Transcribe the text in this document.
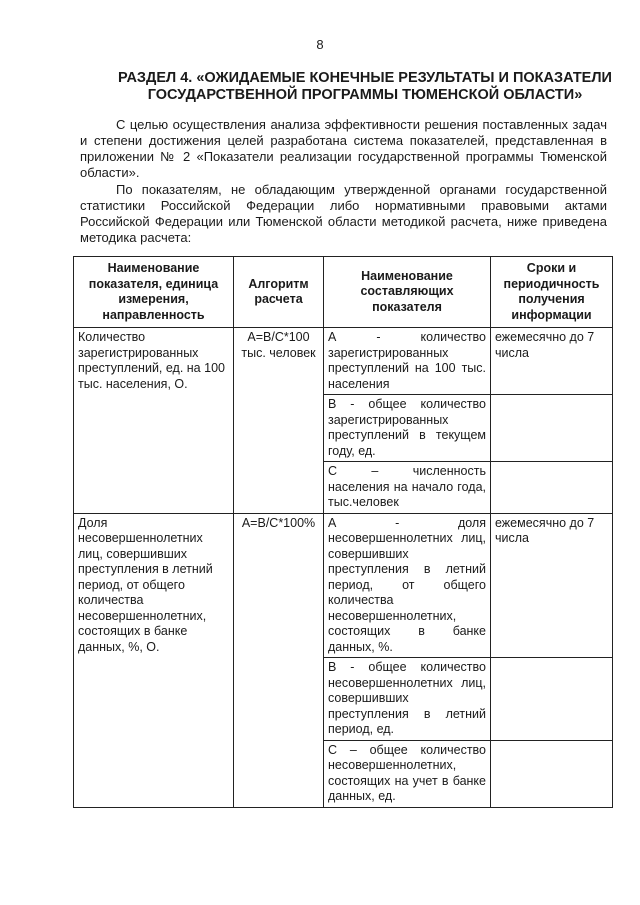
8
РАЗДЕЛ 4. «ОЖИДАЕМЫЕ КОНЕЧНЫЕ РЕЗУЛЬТАТЫ И ПОКАЗАТЕЛИ ГОСУДАРСТВЕННОЙ ПРОГРАММЫ ТЮМЕНСКОЙ ОБЛАСТИ»

С целью осуществления анализа эффективности решения поставленных задач и степени достижения целей разработана система показателей, представленная в приложении № 2 «Показатели реализации государственной программы Тюменской области».

По показателям, не обладающим утвержденной органами государственной статистики Российской Федерации либо нормативными правовыми актами Российской Федерации или Тюменской области методикой расчета, ниже приведена методика расчета:

Наименование показателя, единица измерения, направленность	Алгоритм расчета	Наименование составляющих показателя	Сроки и периодичность получения информации
Количество зарегистрированных преступлений, ед. на 100 тыс. населения, О.	A=B/C*100 тыс. человек	А - количество зарегистрированных преступлений на 100 тыс. населения	ежемесячно до 7 числа
		В - общее количество зарегистрированных преступлений в текущем году, ед.	
		С – численность населения на начало года, тыс.человек	
Доля несовершеннолетних лиц, совершивших преступления в летний период, от общего количества несовершеннолетних, состоящих в банке данных, %, О.	A=B/C*100%	А - доля несовершеннолетних лиц, совершивших преступления в летний период, от общего количества несовершеннолетних, состоящих в банке данных, %.	ежемесячно до 7 числа
		В - общее количество несовершеннолетних лиц, совершивших преступления в летний период, ед.	
		С – общее количество несовершеннолетних, состоящих на учет в банке данных, ед.	
